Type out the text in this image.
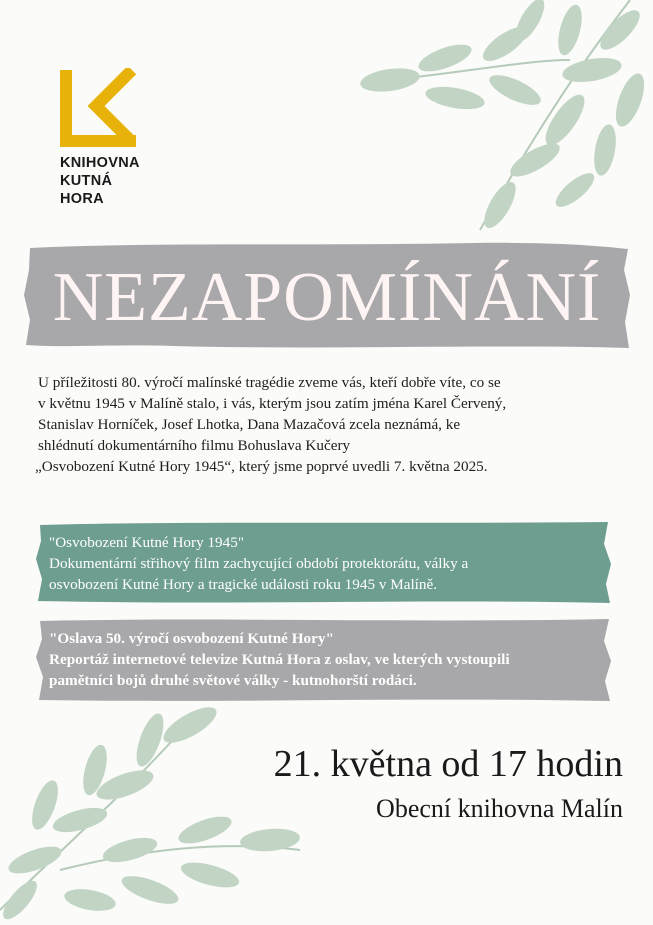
KNIHOVNA
KUTNÁ
HORA
NEZAPOMÍNÁNÍ
U příležitosti 80. výročí malínské tragédie zveme vás, kteří dobře víte, co se
v květnu 1945 v Malíně stalo, i vás, kterým jsou zatím jména Karel Červený,
Stanislav Horníček, Josef Lhotka, Dana Mazačová zcela neznámá, ke
shlédnutí dokumentárního filmu Bohuslava Kučery
„Osvobození Kutné Hory 1945“, který jsme poprvé uvedli 7. května 2025.
"Osvobození Kutné Hory 1945"
Dokumentární střihový film zachycující období protektorátu, války a
osvobození Kutné Hory a tragické události roku 1945 v Malíně.
"Oslava 50. výročí osvobození Kutné Hory"
Reportáž internetové televize Kutná Hora z oslav, ve kterých vystoupili
pamětníci bojů druhé světové války - kutnohorští rodáci.
21. května od 17 hodin
Obecní knihovna Malín
